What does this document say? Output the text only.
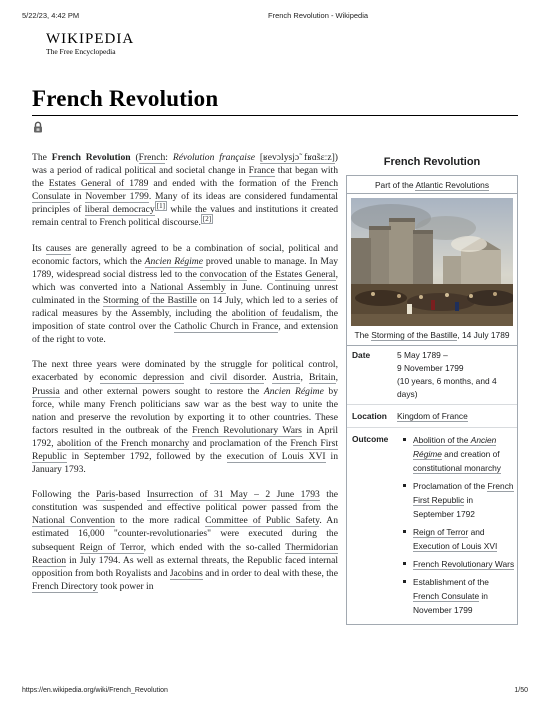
5/22/23, 4:42 PM	French Revolution - Wikipedia
WIKIPEDIA
The Free Encyclopedia
French Revolution

The French Revolution (French: Révolution française [ʁevɔlysjɔ̃ fʁɑ̃sɛːz]) was a period of radical political and societal change in France that began with the Estates General of 1789 and ended with the formation of the French Consulate in November 1799. Many of its ideas are considered fundamental principles of liberal democracy [1] while the values and institutions it created remain central to French political discourse. [2]

Its causes are generally agreed to be a combination of social, political and economic factors, which the Ancien Régime proved unable to manage. In May 1789, widespread social distress led to the convocation of the Estates General, which was converted into a National Assembly in June. Continuing unrest culminated in the Storming of the Bastille on 14 July, which led to a series of radical measures by the Assembly, including the abolition of feudalism, the imposition of state control over the Catholic Church in France, and extension of the right to vote.

The next three years were dominated by the struggle for political control, exacerbated by economic depression and civil disorder. Austria, Britain, Prussia and other external powers sought to restore the Ancien Régime by force, while many French politicians saw war as the best way to unite the nation and preserve the revolution by exporting it to other countries. These factors resulted in the outbreak of the French Revolutionary Wars in April 1792, abolition of the French monarchy and proclamation of the French First Republic in September 1792, followed by the execution of Louis XVI in January 1793.

Following the Paris-based Insurrection of 31 May – 2 June 1793 the constitution was suspended and effective political power passed from the National Convention to the more radical Committee of Public Safety. An estimated 16,000 "counter-revolutionaries" were executed during the subsequent Reign of Terror, which ended with the so-called Thermidorian Reaction in July 1794. As well as external threats, the Republic faced internal opposition from both Royalists and Jacobins and in order to deal with these, the French Directory took power in

French Revolution
Part of the Atlantic Revolutions
The Storming of the Bastille, 14 July 1789
Date	5 May 1789 –
9 November 1799
(10 years, 6 months, and 4 days)
Location	Kingdom of France
Outcome	Abolition of the Ancien Régime and creation of constitutional monarchy
Proclamation of the French First Republic in September 1792
Reign of Terror and Execution of Louis XVI
French Revolutionary Wars
Establishment of the French Consulate in November 1799
https://en.wikipedia.org/wiki/French_Revolution	1/50
